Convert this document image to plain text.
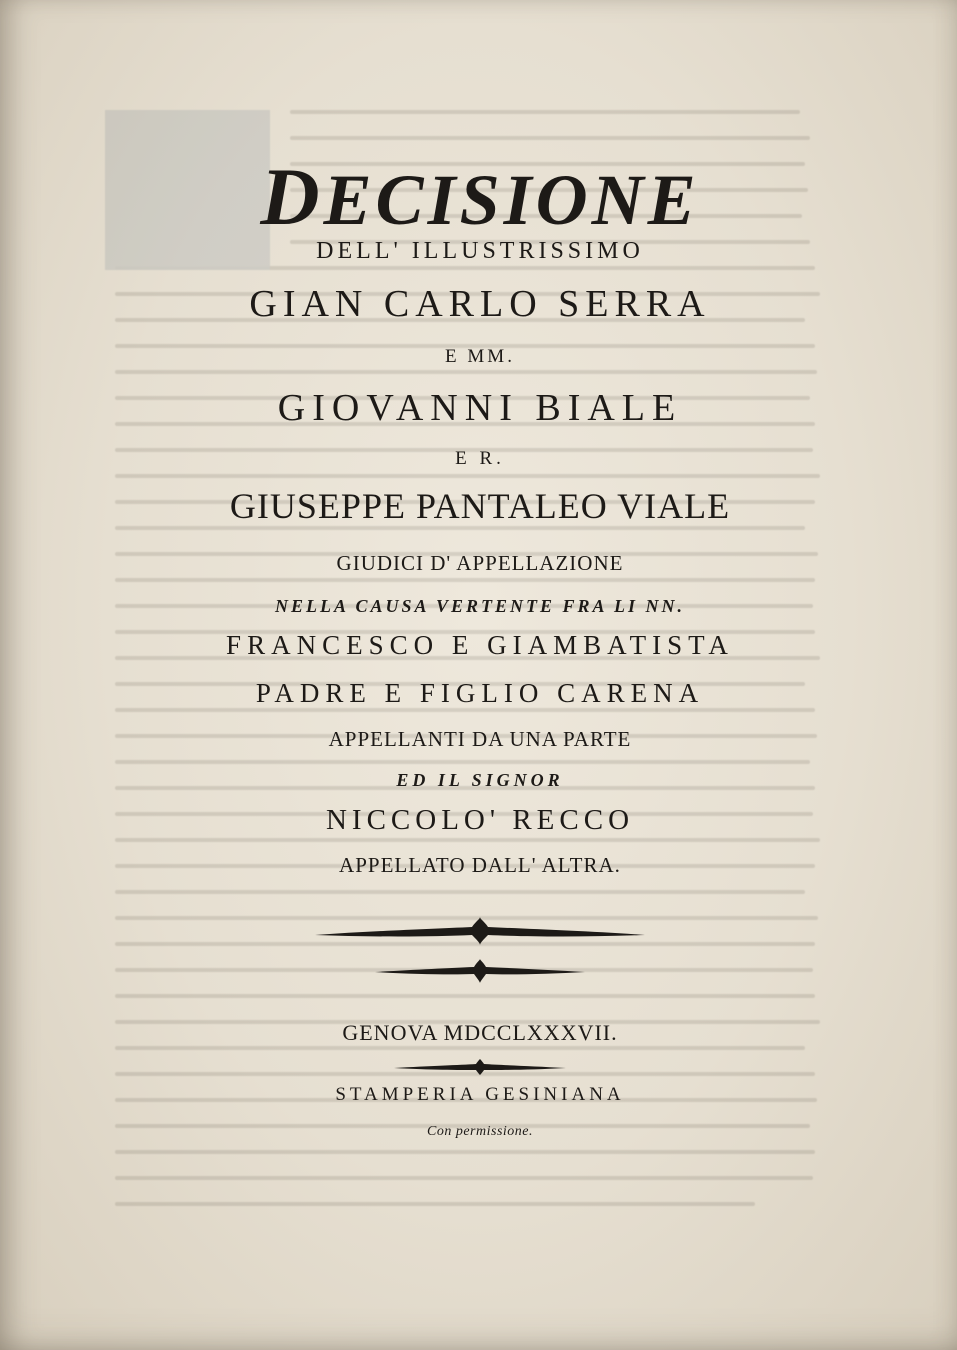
DECISIONE
DELL' ILLUSTRISSIMO
GIAN CARLO SERRA
E MM.
GIOVANNI BIALE
E R.
GIUSEPPE PANTALEO VIALE
GIUDICI D' APPELLAZIONE
NELLA CAUSA VERTENTE FRA LI NN.
FRANCESCO E GIAMBATISTA
PADRE E FIGLIO CARENA
APPELLANTI DA UNA PARTE
ED IL SIGNOR
NICCOLO' RECCO
APPELLATO DALL' ALTRA.
GENOVA MDCCLXXXVII.
STAMPERIA GESINIANA
Con permissione.
